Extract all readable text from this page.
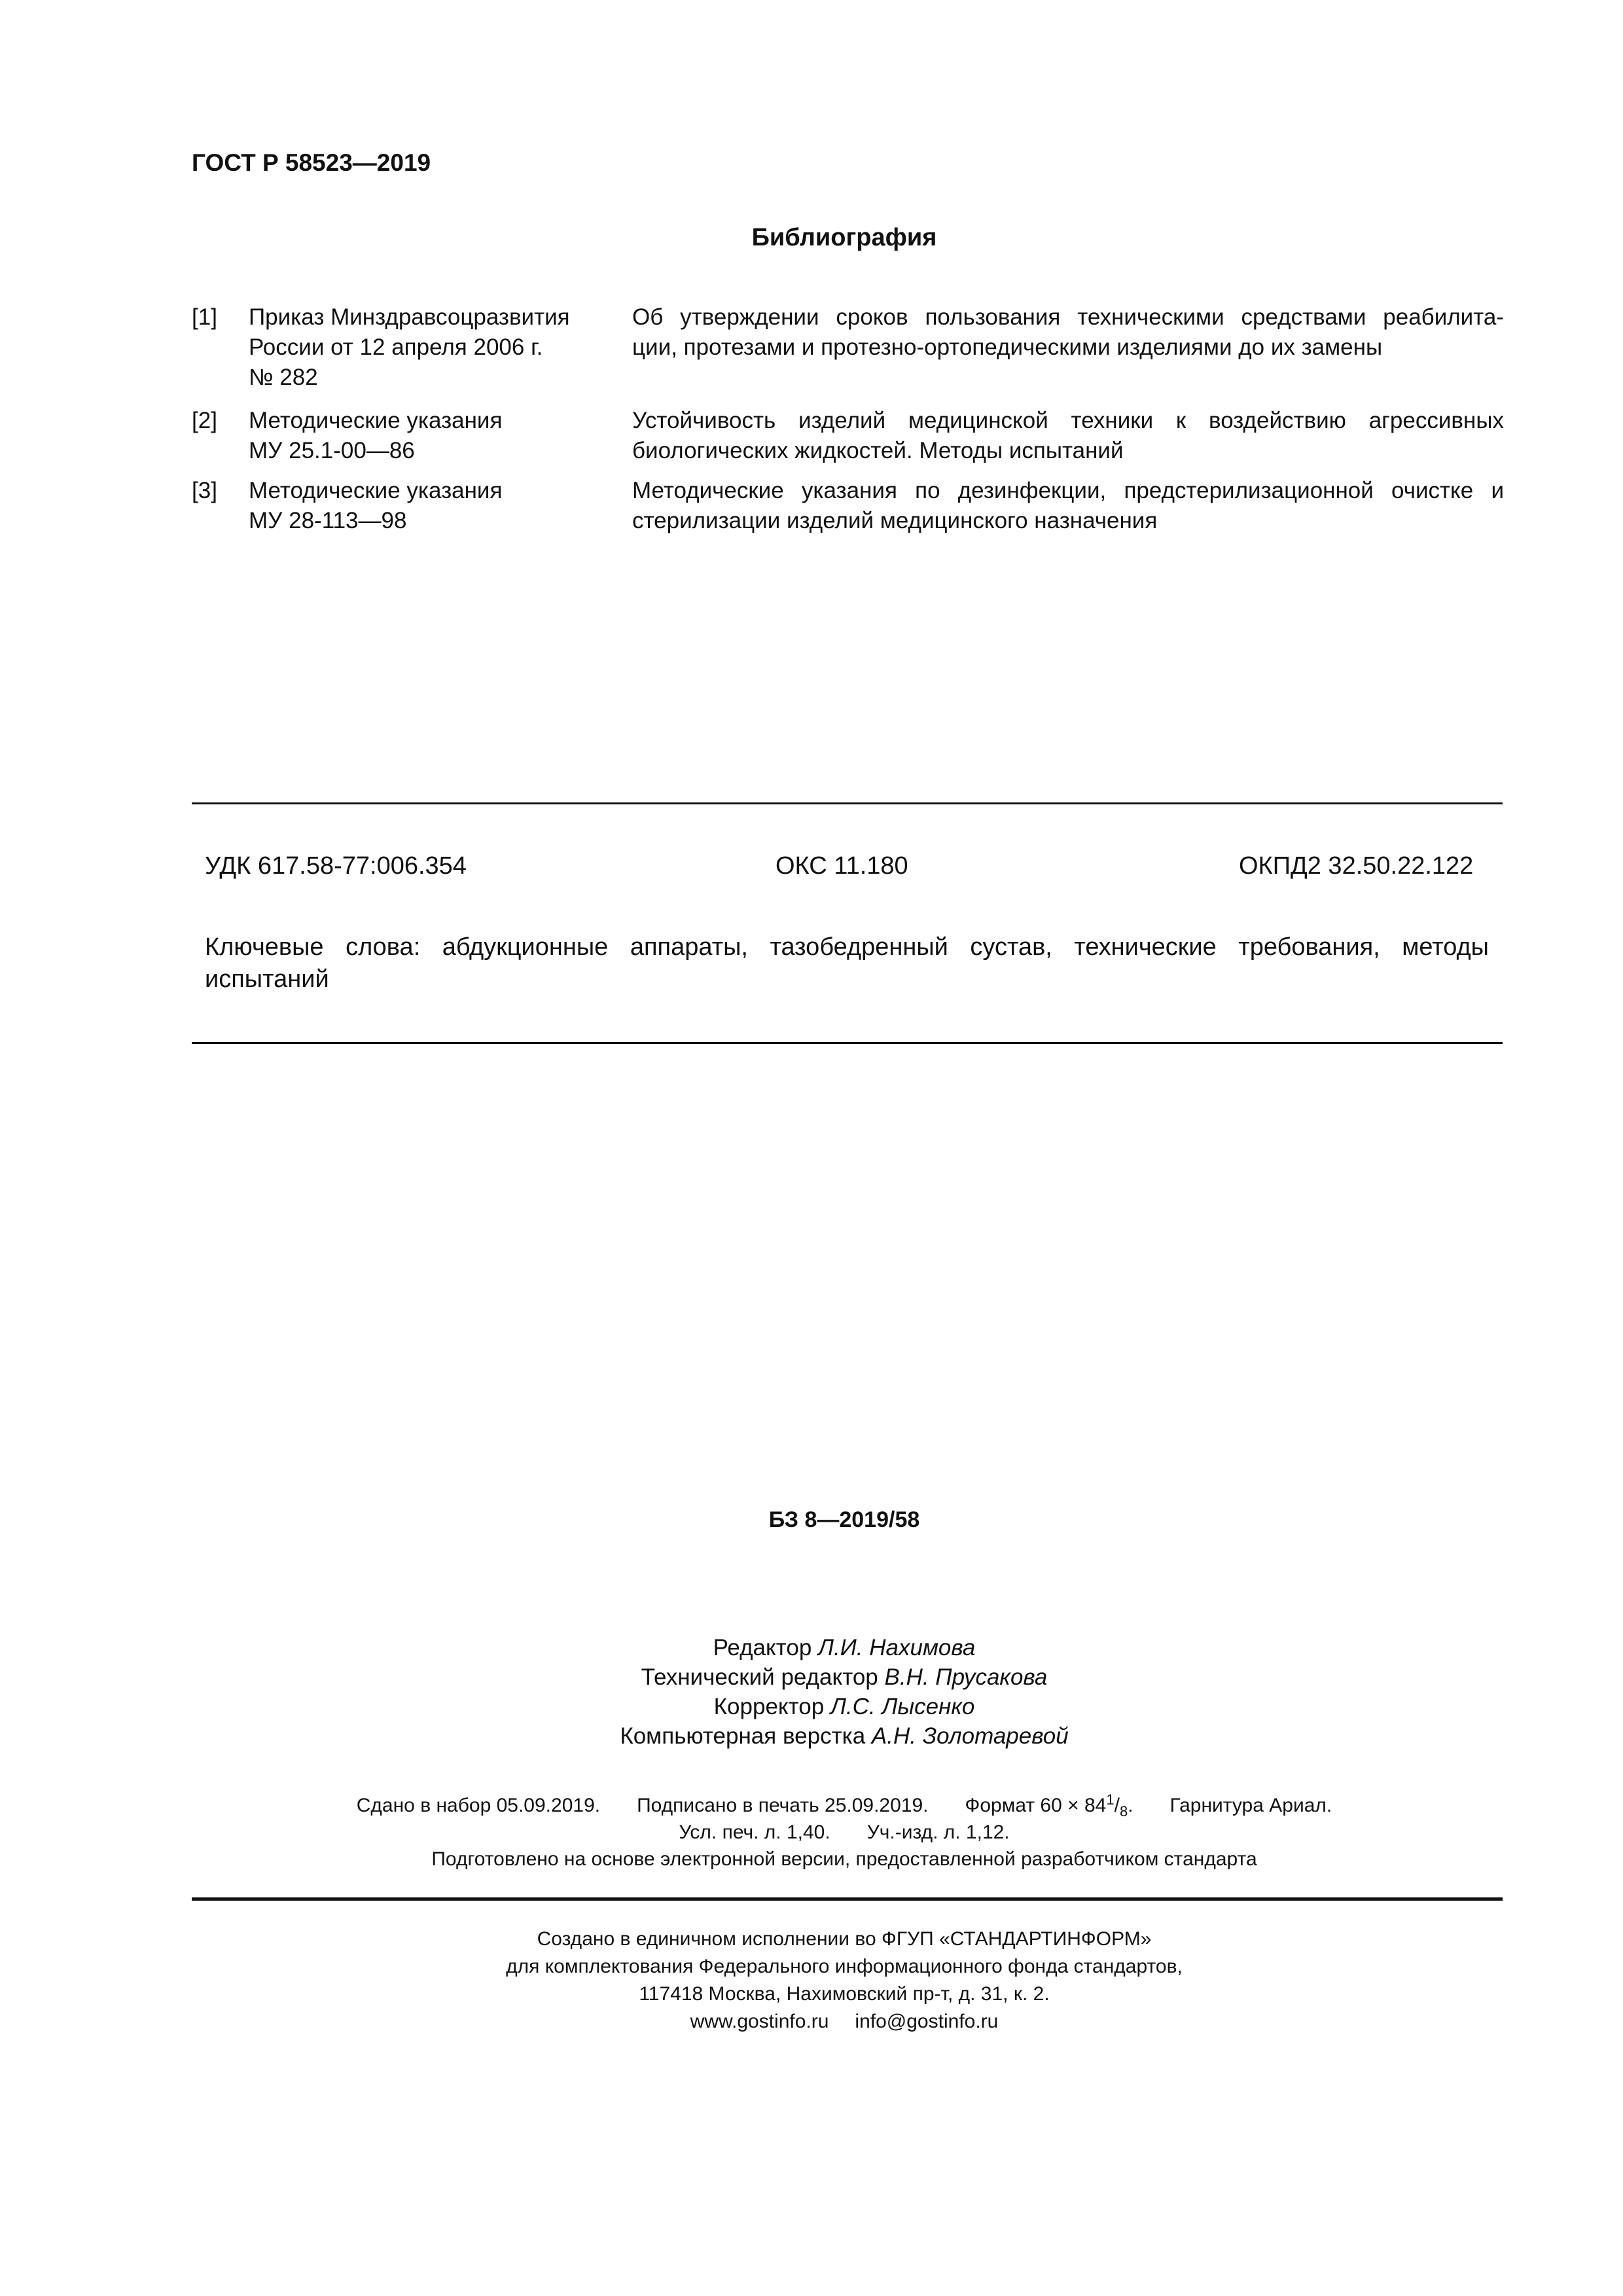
ГОСТ Р 58523—2019
Библиография
[1] Приказ Минздравсоцразвития
России от 12 апреля 2006 г.
№ 282
Об утверждении сроков пользования техническими средствами реабилита-
ции, протезами и протезно-ортопедическими изделиями до их замены
[2] Методические указания
МУ 25.1-00—86
Устойчивость изделий медицинской техники к воздействию агрессивных
биологических жидкостей. Методы испытаний
[3] Методические указания
МУ 28-113—98
Методические указания по дезинфекции, предстерилизационной очистке и
стерилизации изделий медицинского назначения
УДК 617.58-77:006.354	ОКС 11.180	ОКПД2 32.50.22.122
Ключевые слова: абдукционные аппараты, тазобедренный сустав, технические требования, методы
испытаний
БЗ 8—2019/58
Редактор Л.И. Нахимова
Технический редактор В.Н. Прусакова
Корректор Л.С. Лысенко
Компьютерная верстка А.Н. Золотаревой
Сдано в набор 05.09.2019. Подписано в печать 25.09.2019. Формат $60 \times 84^1/_8$. Гарнитура Ариал.
Усл. печ. л. 1,40. Уч.-изд. л. 1,12.
Подготовлено на основе электронной версии, предоставленной разработчиком стандарта
Создано в единичном исполнении во ФГУП «СТАНДАРТИНФОРМ»
для комплектования Федерального информационного фонда стандартов,
117418 Москва, Нахимовский пр-т, д. 31, к. 2.
www.gostinfo.ru info@gostinfo.ru
